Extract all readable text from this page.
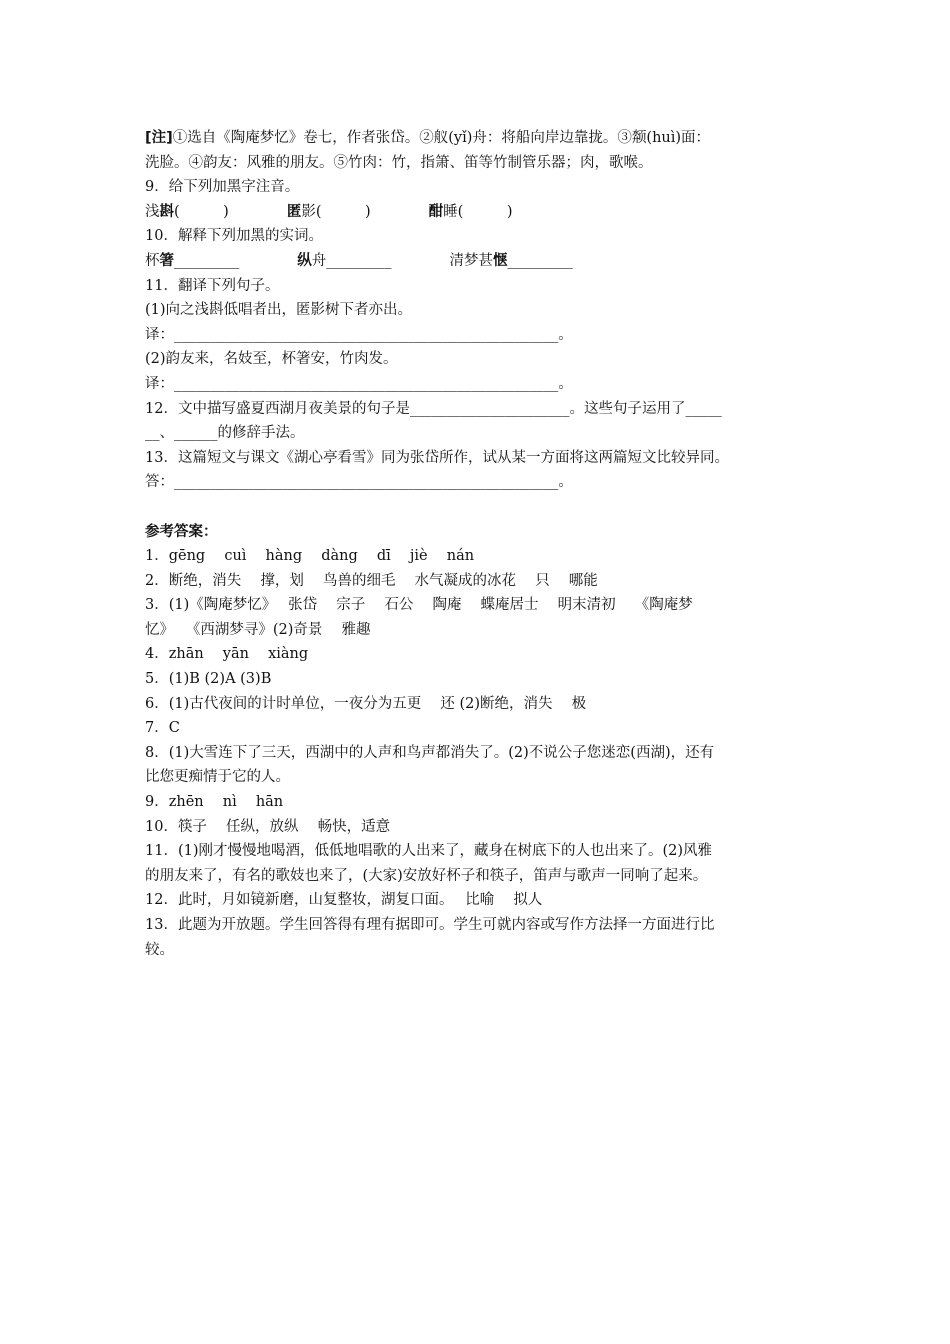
[注]①选自《陶庵梦忆》卷七，作者张岱。②舣(yǐ)舟：将船向岸边靠拢。③颒(huì)面：
洗脸。④韵友：风雅的朋友。⑤竹肉：竹，指箫、笛等竹制管乐器；肉，歌喉。
9．给下列加黑字注音。
浅斟(　　　)　　　　匿影(　　　)　　　　酣睡(　　　)
10．解释下列加黑的实词。
杯箸_________　　　　纵舟_________　　　　清梦甚惬_________
11．翻译下列句子。
(1)向之浅斟低唱者出，匿影树下者亦出。
译：_____________________________________________________。
(2)韵友来，名妓至，杯箸安，竹肉发。
译：_____________________________________________________。
12．文中描写盛夏西湖月夜美景的句子是______________________。这些句子运用了_____
__、______的修辞手法。
13．这篇短文与课文《湖心亭看雪》同为张岱所作，试从某一方面将这两篇短文比较异同。
答：_____________________________________________________。
参考答案：
1．gēng　 cuì　 hàng　 dàng　 dī　 jiè　 nán
2．断绝，消失　 撑，划　 鸟兽的细毛　 水气凝成的冰花　 只　 哪能
3．(1)《陶庵梦忆》　 张岱　 宗子　 石公　 陶庵　 蝶庵居士　 明末清初　 《陶庵梦
忆》　 《西湖梦寻》(2)奇景　 雅趣
4．zhān　 yān　 xiàng
5．(1)B (2)A (3)B
6．(1)古代夜间的计时单位，一夜分为五更　 还 (2)断绝，消失　 极
7．C
8．(1)大雪连下了三天，西湖中的人声和鸟声都消失了。(2)不说公子您迷恋(西湖)，还有
比您更痴情于它的人。
9．zhēn　 nì　 hān
10．筷子　 任纵，放纵　 畅快，适意
11．(1)刚才慢慢地喝酒，低低地唱歌的人出来了，藏身在树底下的人也出来了。(2)风雅
的朋友来了，有名的歌妓也来了，(大家)安放好杯子和筷子，笛声与歌声一同响了起来。
12．此时，月如镜新磨，山复整妆，湖复口面。　 比喻　 拟人
13．此题为开放题。学生回答得有理有据即可。学生可就内容或写作方法择一方面进行比
较。
